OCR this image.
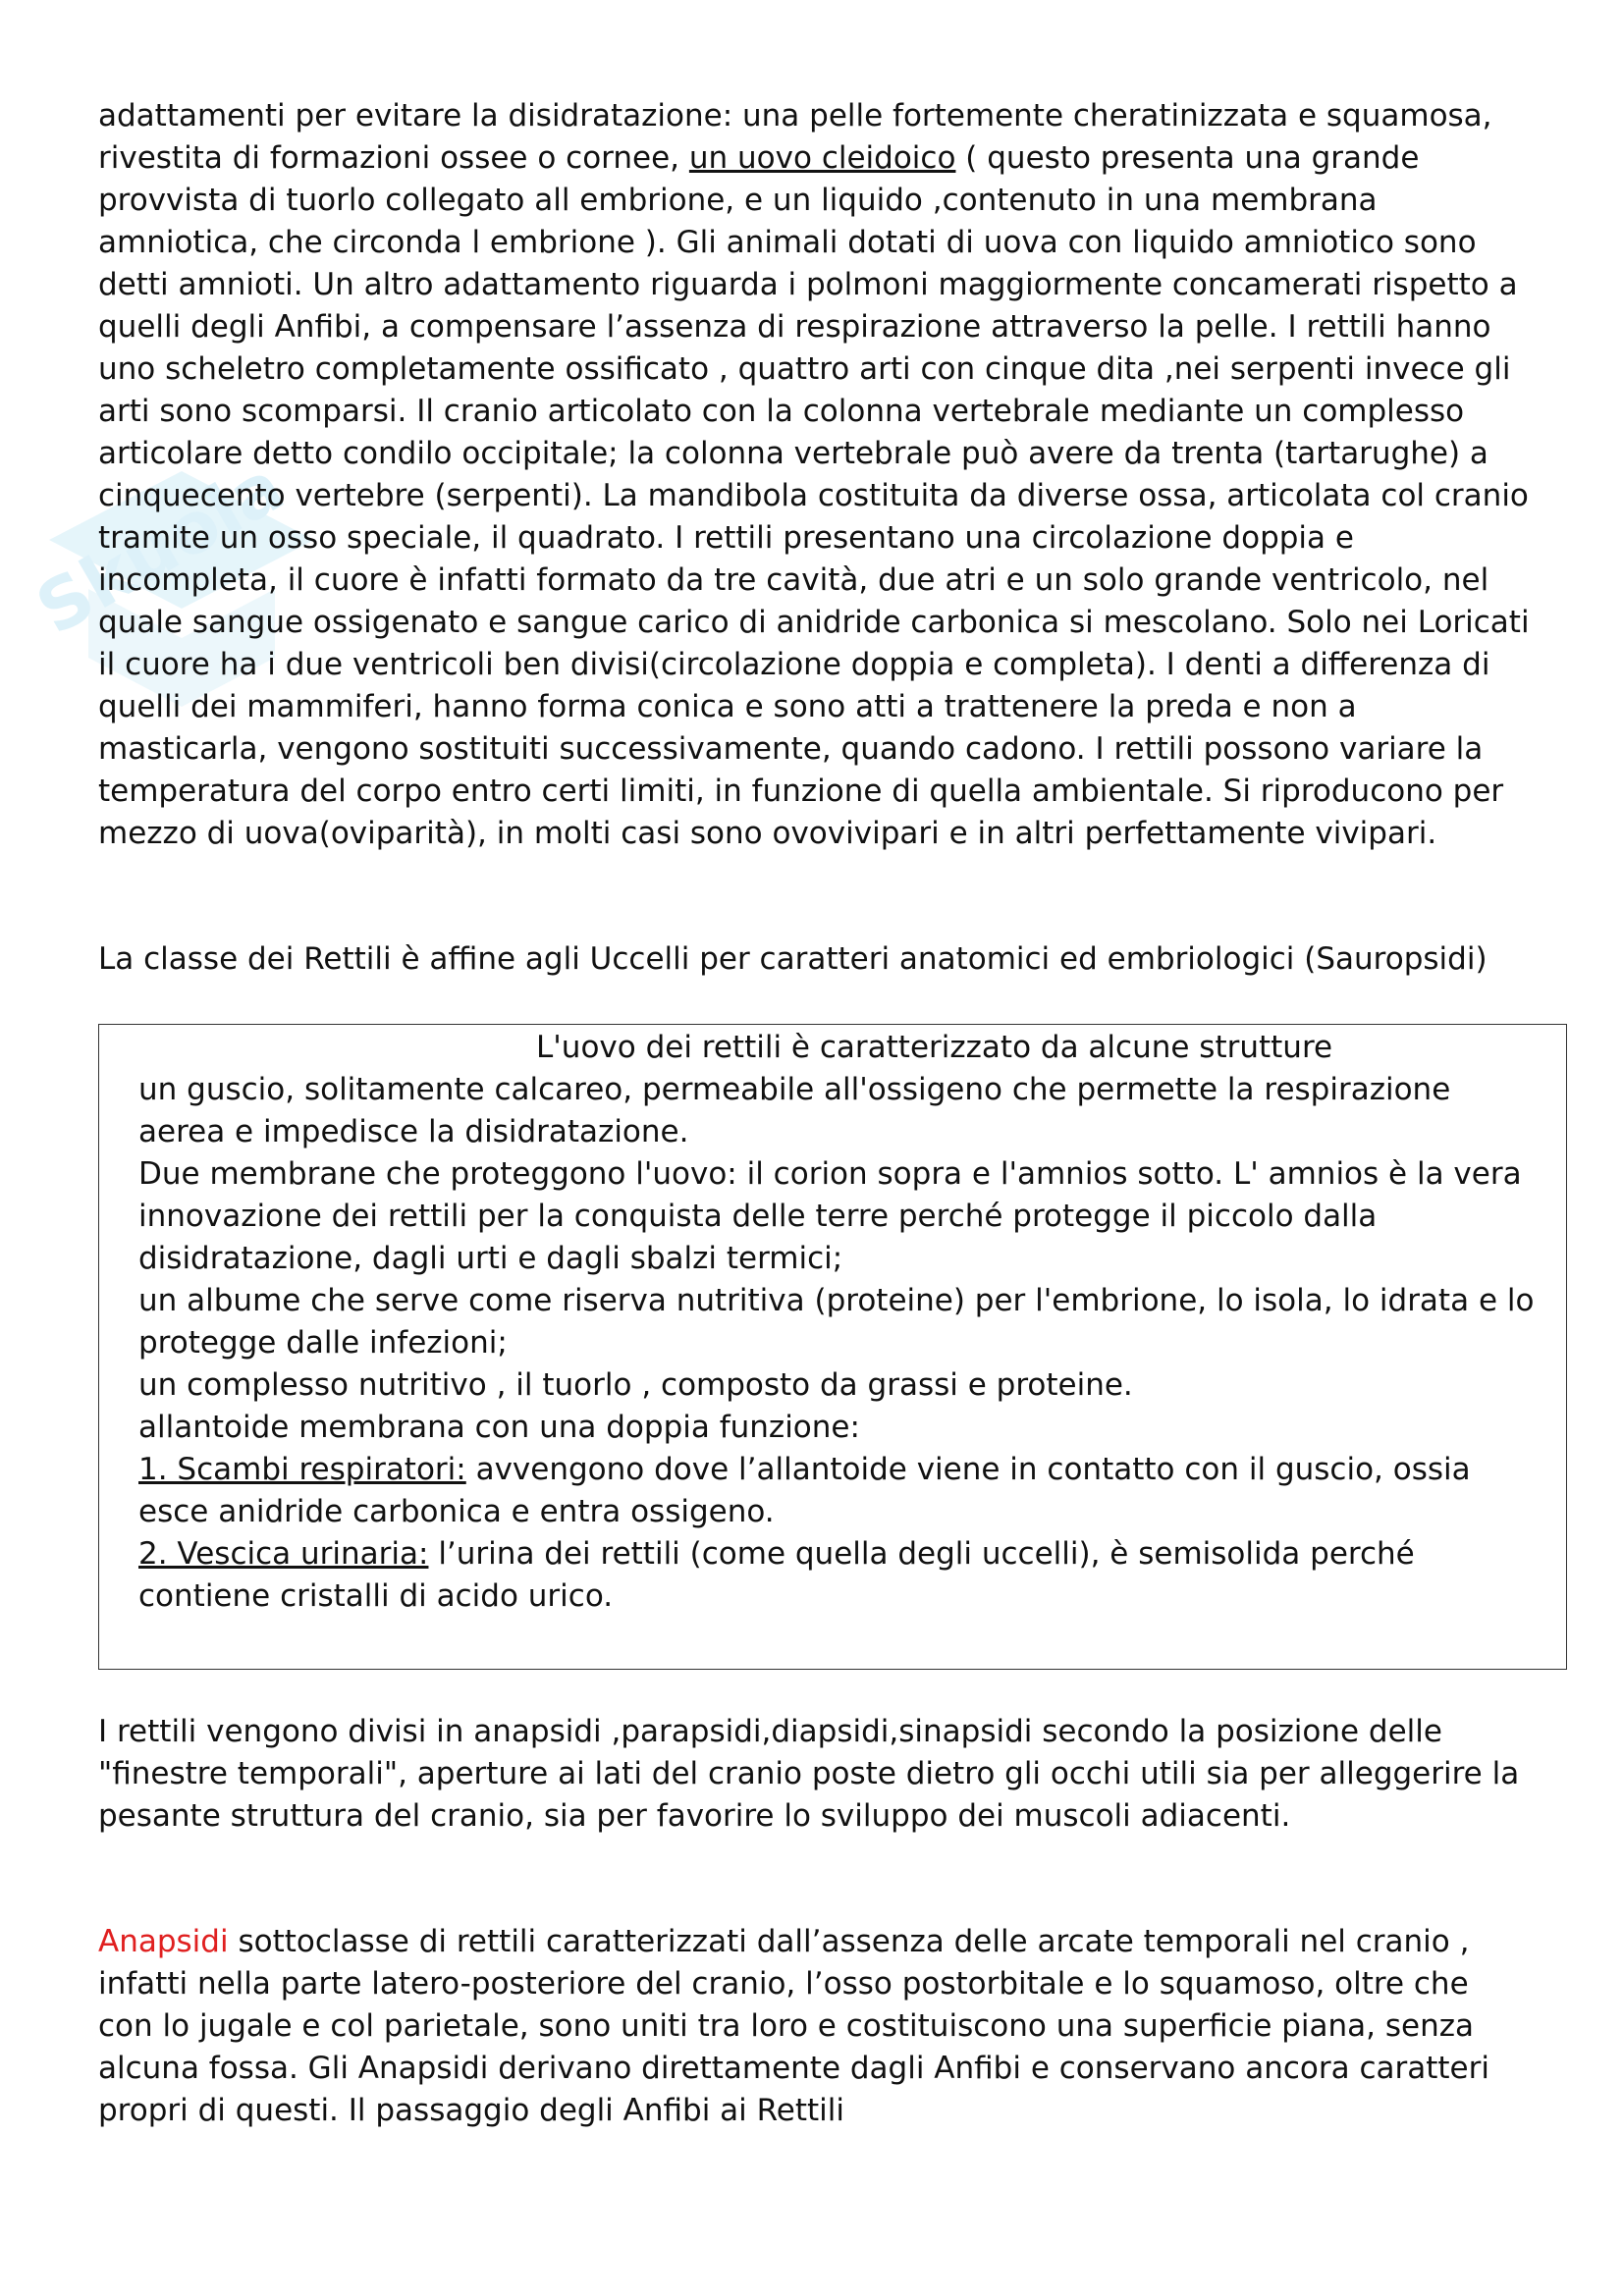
Skuola

adattamenti per evitare la disidratazione: una pelle fortemente cheratinizzata e squamosa, rivestita di formazioni ossee o cornee, un uovo cleidoico ( questo presenta una grande provvista di tuorlo collegato all embrione, e un liquido ,contenuto in una membrana amniotica, che circonda l embrione ). Gli animali dotati di uova con liquido amniotico sono detti amnioti. Un altro adattamento riguarda i polmoni maggiormente concamerati rispetto a quelli degli Anfibi, a compensare l’assenza di respirazione attraverso la pelle. I rettili hanno uno scheletro completamente ossificato , quattro arti con cinque dita ,nei serpenti invece gli arti sono scomparsi. Il cranio articolato con la colonna vertebrale mediante un complesso articolare detto condilo occipitale; la colonna vertebrale può avere da trenta (tartarughe) a cinquecento vertebre (serpenti). La mandibola costituita da diverse ossa, articolata col cranio tramite un osso speciale, il quadrato. I rettili presentano una circolazione doppia e incompleta, il cuore è infatti formato da tre cavità, due atri e un solo grande ventricolo, nel quale sangue ossigenato e sangue carico di anidride carbonica si mescolano. Solo nei Loricati il cuore ha i due ventricoli ben divisi(circolazione doppia e completa). I denti a differenza di quelli dei mammiferi, hanno forma conica e sono atti a trattenere la preda e non a masticarla, vengono sostituiti successivamente, quando cadono. I rettili possono variare la temperatura del corpo entro certi limiti, in funzione di quella ambientale. Si riproducono per mezzo di uova(oviparità), in molti casi sono ovovivipari e in altri perfettamente vivipari.

La classe dei Rettili è affine agli Uccelli per caratteri anatomici ed embriologici (Sauropsidi)

L'uovo dei rettili è caratterizzato da alcune strutture

un guscio, solitamente calcareo, permeabile all'ossigeno che permette la respirazione aerea e impedisce la disidratazione.
Due membrane che proteggono l'uovo: il corion sopra e l'amnios sotto. L' amnios è la vera innovazione dei rettili per la conquista delle terre perché protegge il piccolo dalla disidratazione, dagli urti e dagli sbalzi termici;
un albume che serve come riserva nutritiva (proteine) per l'embrione, lo isola, lo idrata e lo protegge dalle infezioni;
un complesso nutritivo , il tuorlo , composto da grassi e proteine.
allantoide membrana con una doppia funzione:
1. Scambi respiratori: avvengono dove l’allantoide viene in contatto con il guscio, ossia esce anidride carbonica e entra ossigeno.
2. Vescica urinaria: l’urina dei rettili (come quella degli uccelli), è semisolida perché contiene cristalli di acido urico.

I rettili vengono divisi in anapsidi ,parapsidi,diapsidi,sinapsidi secondo la posizione delle "finestre temporali", aperture ai lati del cranio poste dietro gli occhi utili sia per alleggerire la pesante struttura del cranio, sia per favorire lo sviluppo dei muscoli adiacenti.

Anapsidi sottoclasse di rettili caratterizzati dall’assenza delle arcate temporali nel cranio , infatti nella parte latero-posteriore del cranio, l’osso postorbitale e lo squamoso, oltre che con lo jugale e col parietale, sono uniti tra loro e costituiscono una superficie piana, senza alcuna fossa. Gli Anapsidi derivano direttamente dagli Anfibi e conservano ancora caratteri propri di questi. Il passaggio degli Anfibi ai Rettili
